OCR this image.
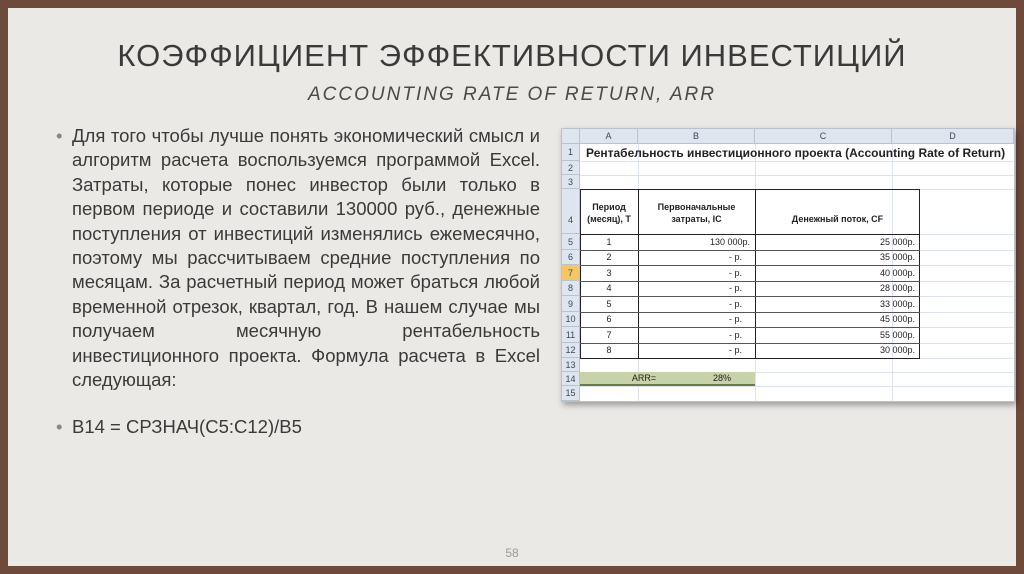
КОЭФФИЦИЕНТ ЭФФЕКТИВНОСТИ ИНВЕСТИЦИЙ
ACCOUNTING RATE OF RETURN, ARR
• Для того чтобы лучше понять экономический смысл и алгоритм расчета воспользуемся программой Excel. Затраты, которые понес инвестор были только в первом периоде и составили 130000 руб., денежные поступления от инвестиций изменялись ежемесячно, поэтому мы рассчитываем средние поступления по месяцам. За расчетный период может браться любой временной отрезок, квартал, год. В нашем случае мы получаем месячную рентабельность инвестиционного проекта. Формула расчета в Excel следующая:
• B14 = СРЗНАЧ(C5:C12)/B5
A	B	C	D
1
2
3
4
5
6
7
8
9
10
11
12
13
14
15
Рентабельность инвестиционного проекта (Accounting Rate of Return)
Период
(месяц), T
Первоначальные
затраты, IC	Денежный поток, CF
1	130 000р.	25 000р.
2	- р.	35 000р.
3	- р.	40 000р.
4	- р.	28 000р.
5	- р.	33 000р.
6	- р.	45 000р.
7	- р.	55 000р.
8	- р.	30 000р.
ARR=	28%
58
